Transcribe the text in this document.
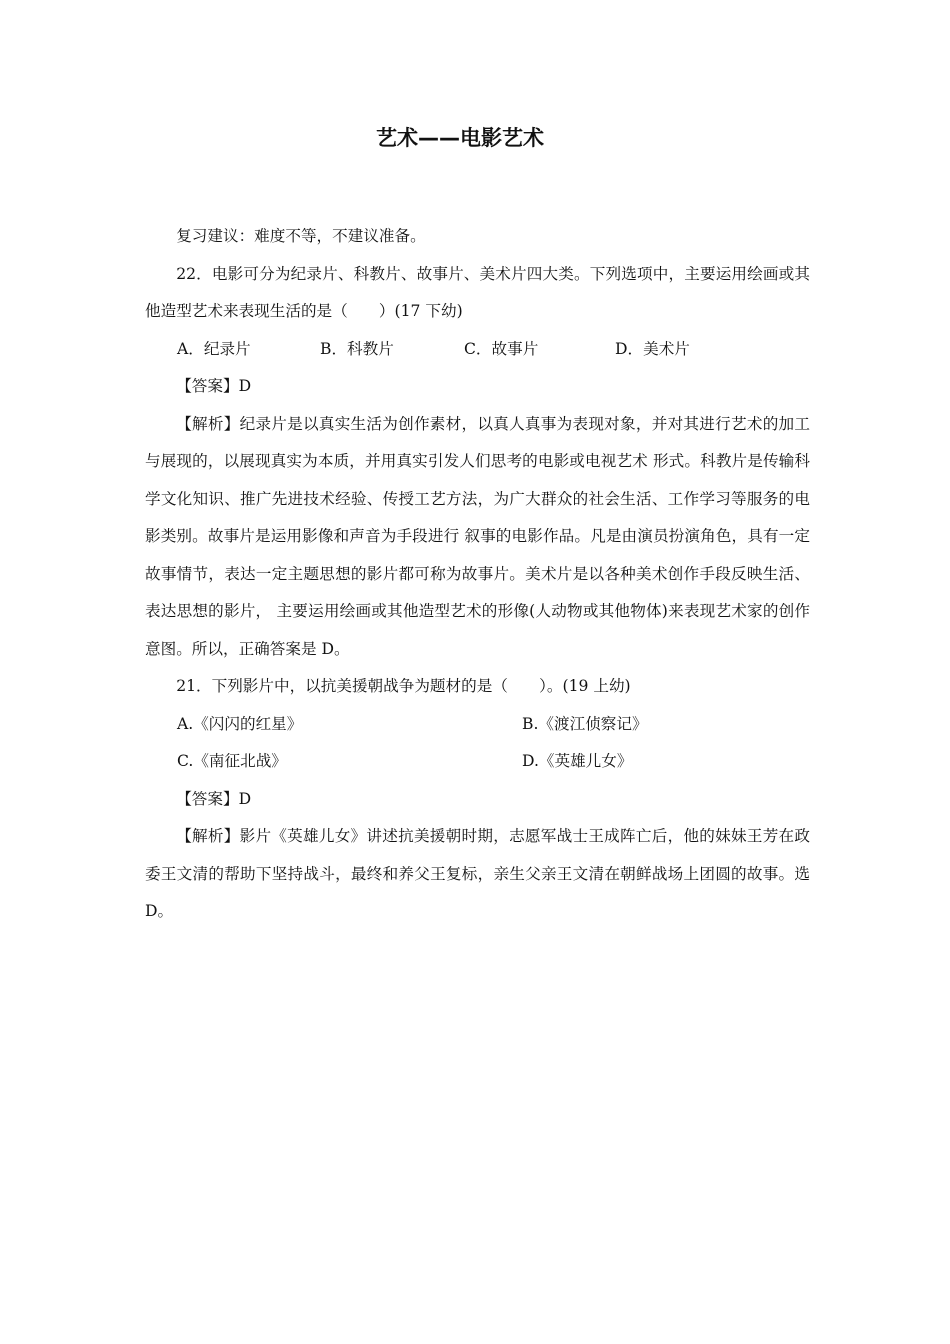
艺术——电影艺术

复习建议：难度不等，不建议准备。

22．电影可分为纪录片、科教片、故事片、美术片四大类。下列选项中，主要运用绘画或其他造型艺术来表现生活的是（　　）(17 下幼)

A．纪录片	B．科教片	C．故事片	D．美术片

【答案】D

【解析】纪录片是以真实生活为创作素材，以真人真事为表现对象，并对其进行艺术的加工与展现的，以展现真实为本质，并用真实引发人们思考的电影或电视艺术 形式。科教片是传输科学文化知识、推广先进技术经验、传授工艺方法，为广大群众的社会生活、工作学习等服务的电影类别。故事片是运用影像和声音为手段进行 叙事的电影作品。凡是由演员扮演角色，具有一定故事情节，表达一定主题思想的影片都可称为故事片。美术片是以各种美术创作手段反映生活、表达思想的影片， 主要运用绘画或其他造型艺术的形像(人动物或其他物体)来表现艺术家的创作意图。所以，正确答案是 D。

21．下列影片中，以抗美援朝战争为题材的是（　　）。(19 上幼)

A.《闪闪的红星》	B.《渡江侦察记》
C.《南征北战》	D.《英雄儿女》

【答案】D

【解析】影片《英雄儿女》讲述抗美援朝时期，志愿军战士王成阵亡后，他的妹妹王芳在政委王文清的帮助下坚持战斗，最终和养父王复标，亲生父亲王文清在朝鲜战场上团圆的故事。选 D。
